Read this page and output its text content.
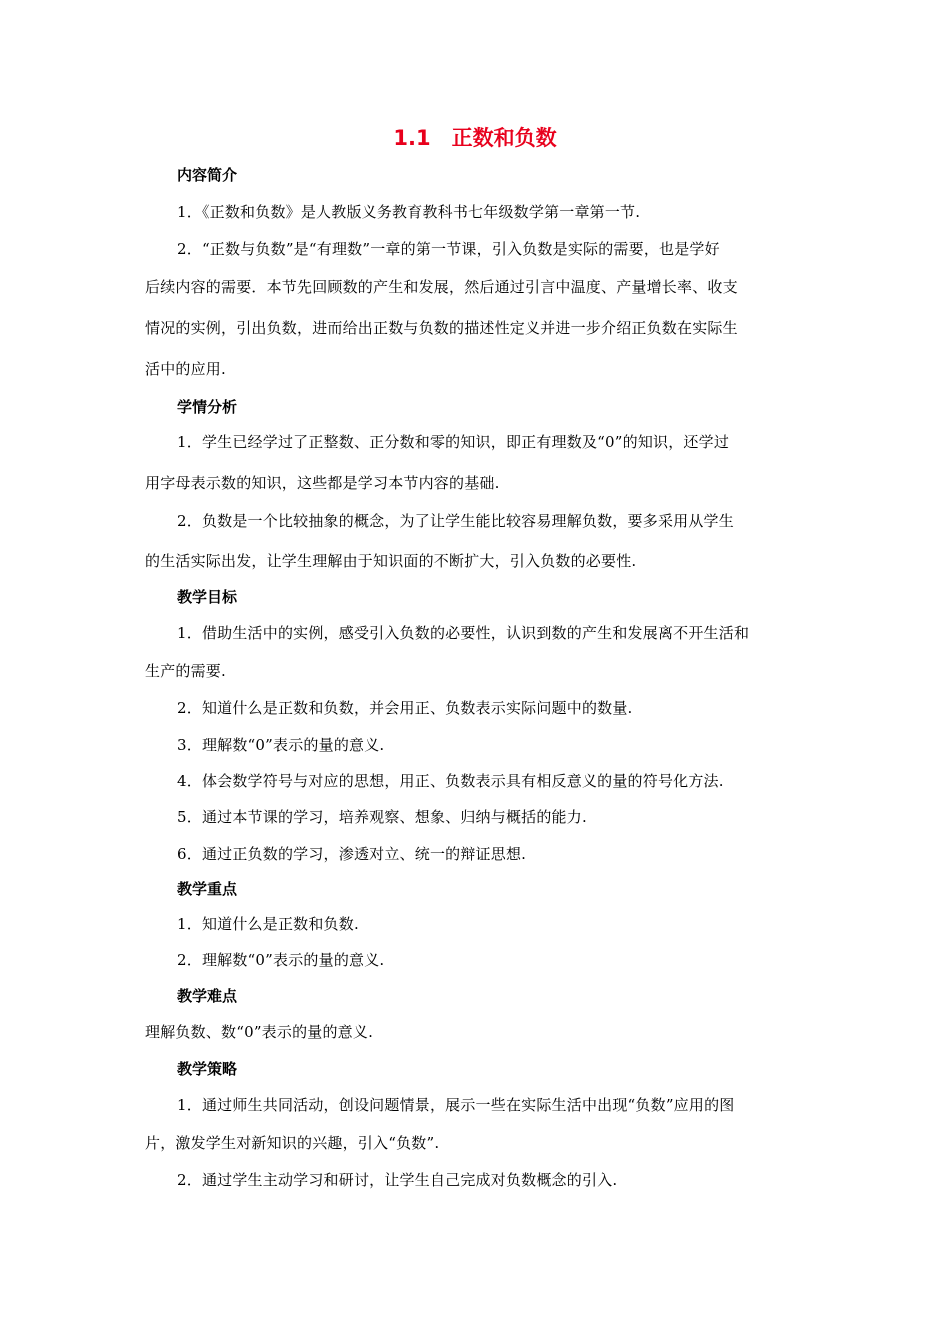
1.1　正数和负数
内容简介
1．《正数和负数》是人教版义务教育教科书七年级数学第一章第一节.
2．“正数与负数”是“有理数”一章的第一节课，引入负数是实际的需要，也是学好
后续内容的需要．本节先回顾数的产生和发展，然后通过引言中温度、产量增长率、收支
情况的实例，引出负数，进而给出正数与负数的描述性定义并进一步介绍正负数在实际生
活中的应用.
学情分析
1．学生已经学过了正整数、正分数和零的知识，即正有理数及“0”的知识，还学过
用字母表示数的知识，这些都是学习本节内容的基础.
2．负数是一个比较抽象的概念，为了让学生能比较容易理解负数，要多采用从学生
的生活实际出发，让学生理解由于知识面的不断扩大，引入负数的必要性.
教学目标
1．借助生活中的实例，感受引入负数的必要性，认识到数的产生和发展离不开生活和
生产的需要.
2．知道什么是正数和负数，并会用正、负数表示实际问题中的数量.
3．理解数“0”表示的量的意义.
4．体会数学符号与对应的思想，用正、负数表示具有相反意义的量的符号化方法.
5．通过本节课的学习，培养观察、想象、归纳与概括的能力.
6．通过正负数的学习，渗透对立、统一的辩证思想.
教学重点
1．知道什么是正数和负数.
2．理解数“0”表示的量的意义.
教学难点
理解负数、数“0”表示的量的意义.
教学策略
1．通过师生共同活动，创设问题情景，展示一些在实际生活中出现“负数”应用的图
片，激发学生对新知识的兴趣，引入“负数”.
2．通过学生主动学习和研讨，让学生自己完成对负数概念的引入.
